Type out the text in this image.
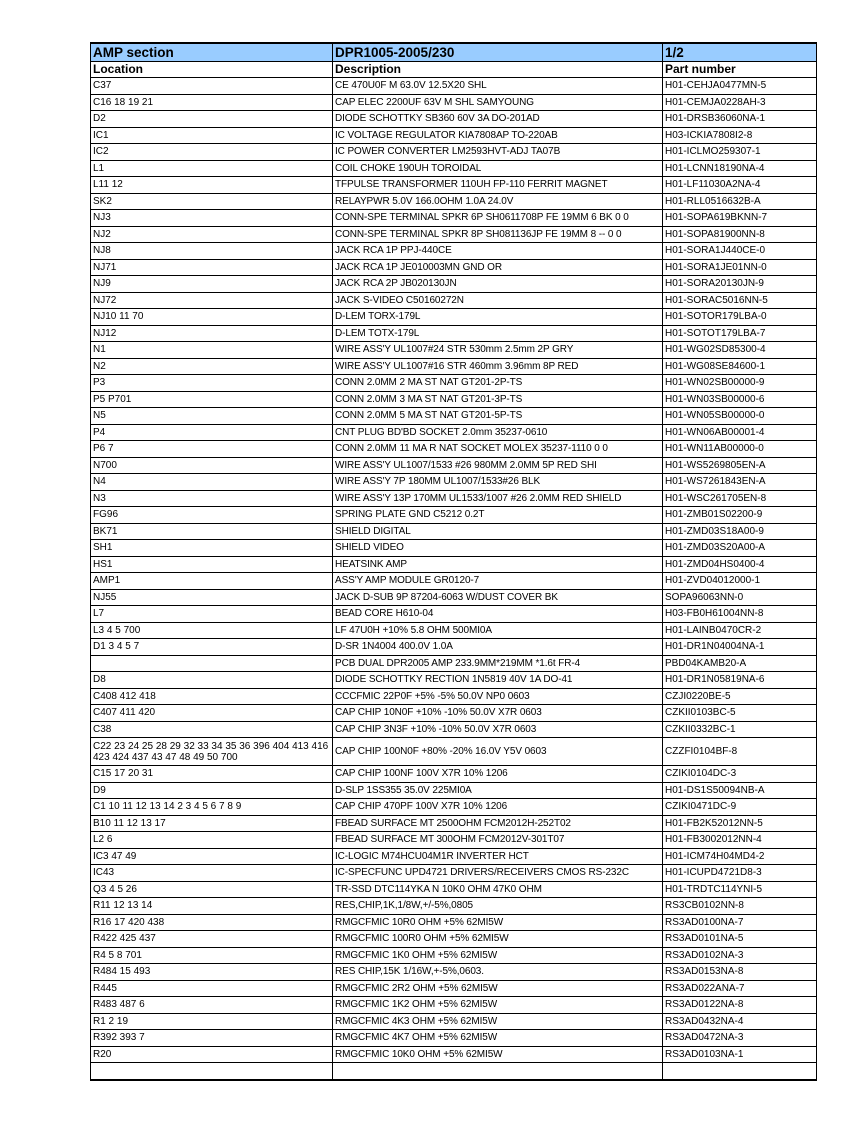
AMP section	DPR1005-2005/230	1/2
Location	Description	Part number
C37	CE 470U0F M 63.0V 12.5X20 SHL	H01-CEHJA0477MN-5
C16 18 19 21	CAP ELEC 2200UF 63V M SHL SAMYOUNG	H01-CEMJA0228AH-3
D2	DIODE SCHOTTKY SB360 60V 3A DO-201AD	H01-DRSB36060NA-1
IC1	IC VOLTAGE REGULATOR KIA7808AP TO-220AB	H03-ICKIA7808I2-8
IC2	IC POWER CONVERTER LM2593HVT-ADJ TA07B	H01-ICLMO259307-1
L1	COIL CHOKE 190UH TOROIDAL	H01-LCNN18190NA-4
L11 12	TFPULSE TRANSFORMER 110UH FP-110 FERRIT MAGNET	H01-LF11030A2NA-4
SK2	RELAYPWR 5.0V 166.0OHM 1.0A 24.0V	H01-RLL0516632B-A
NJ3	CONN-SPE TERMINAL SPKR 6P SH0611708P FE 19MM 6 BK 0 0	H01-SOPA619BKNN-7
NJ2	CONN-SPE TERMINAL SPKR 8P SH081136JP FE 19MM 8 -- 0 0	H01-SOPA81900NN-8
NJ8	JACK RCA 1P PPJ-440CE	H01-SORA1J440CE-0
NJ71	JACK RCA 1P JE010003MN GND OR	H01-SORA1JE01NN-0
NJ9	JACK RCA 2P JB020130JN	H01-SORA20130JN-9
NJ72	JACK S-VIDEO C50160272N	H01-SORAC5016NN-5
NJ10 11 70	D-LEM TORX-179L	H01-SOTOR179LBA-0
NJ12	D-LEM TOTX-179L	H01-SOTOT179LBA-7
N1	WIRE ASS'Y UL1007#24 STR 530mm 2.5mm 2P GRY	H01-WG02SD85300-4
N2	WIRE ASS'Y UL1007#16 STR 460mm 3.96mm 8P RED	H01-WG08SE84600-1
P3	CONN 2.0MM 2 MA ST NAT GT201-2P-TS	H01-WN02SB00000-9
P5 P701	CONN 2.0MM 3 MA ST NAT GT201-3P-TS	H01-WN03SB00000-6
N5	CONN 2.0MM 5 MA ST NAT GT201-5P-TS	H01-WN05SB00000-0
P4	CNT PLUG BD'BD SOCKET 2.0mm 35237-0610	H01-WN06AB00001-4
P6 7	CONN 2.0MM 11 MA R NAT SOCKET MOLEX 35237-1110 0 0	H01-WN11AB00000-0
N700	WIRE ASS'Y UL1007/1533 #26 980MM 2.0MM 5P RED SHI	H01-WS5269805EN-A
N4	WIRE ASS'Y 7P 180MM UL1007/1533#26 BLK	H01-WS7261843EN-A
N3	WIRE ASS'Y 13P 170MM UL1533/1007 #26 2.0MM RED SHIELD	H01-WSC261705EN-8
FG96	SPRING PLATE GND C5212 0.2T	H01-ZMB01S02200-9
BK71	SHIELD DIGITAL	H01-ZMD03S18A00-9
SH1	SHIELD VIDEO	H01-ZMD03S20A00-A
HS1	HEATSINK AMP	H01-ZMD04HS0400-4
AMP1	ASS'Y AMP MODULE GR0120-7	H01-ZVD04012000-1
NJ55	JACK D-SUB 9P 87204-6063 W/DUST COVER BK	SOPA96063NN-0
L7	BEAD CORE H610-04	H03-FB0H61004NN-8
L3 4 5 700	LF 47U0H +10% 5.8 OHM 500MI0A	H01-LAINB0470CR-2
D1 3 4 5 7	D-SR 1N4004 400.0V 1.0A	H01-DR1N04004NA-1
	PCB DUAL DPR2005 AMP 233.9MM*219MM *1.6t FR-4	PBD04KAMB20-A
D8	DIODE SCHOTTKY RECTION 1N5819 40V 1A DO-41	H01-DR1N05819NA-6
C408 412 418	CCCFMIC 22P0F +5% -5% 50.0V NP0 0603	CZJI0220BE-5
C407 411 420	CAP CHIP 10N0F +10% -10% 50.0V X7R 0603	CZKII0103BC-5
C38	CAP CHIP 3N3F +10% -10% 50.0V X7R 0603	CZKII0332BC-1
C22 23 24 25 28 29 32 33 34 35 36 396 404 413 416 423 424 437 43 47 48 49 50 700	CAP CHIP 100N0F +80% -20% 16.0V Y5V 0603	CZZFI0104BF-8
C15 17 20 31	CAP CHIP 100NF 100V X7R 10% 1206	CZIKI0104DC-3
D9	D-SLP 1SS355 35.0V 225MI0A	H01-DS1S50094NB-A
C1 10 11 12 13 14 2 3 4 5 6 7 8 9	CAP CHIP 470PF 100V X7R 10% 1206	CZIKI0471DC-9
B10 11 12 13 17	FBEAD SURFACE MT 2500OHM FCM2012H-252T02	H01-FB2K52012NN-5
L2 6	FBEAD SURFACE MT 300OHM FCM2012V-301T07	H01-FB3002012NN-4
IC3 47 49	IC-LOGIC M74HCU04M1R INVERTER HCT	H01-ICM74H04MD4-2
IC43	IC-SPECFUNC UPD4721 DRIVERS/RECEIVERS CMOS RS-232C	H01-ICUPD4721D8-3
Q3 4 5 26	TR-SSD DTC114YKA N 10K0 OHM 47K0 OHM	H01-TRDTC114YNI-5
R11 12 13 14	RES,CHIP,1K,1/8W,+/-5%,0805	RS3CB0102NN-8
R16 17 420 438	RMGCFMIC 10R0 OHM +5% 62MI5W	RS3AD0100NA-7
R422 425 437	RMGCFMIC 100R0 OHM +5% 62MI5W	RS3AD0101NA-5
R4 5 8 701	RMGCFMIC 1K0 OHM +5% 62MI5W	RS3AD0102NA-3
R484 15 493	RES CHIP,15K 1/16W,+-5%,0603.	RS3AD0153NA-8
R445	RMGCFMIC 2R2 OHM +5% 62MI5W	RS3AD022ANA-7
R483 487 6	RMGCFMIC 1K2 OHM +5% 62MI5W	RS3AD0122NA-8
R1 2 19	RMGCFMIC 4K3 OHM +5% 62MI5W	RS3AD0432NA-4
R392 393 7	RMGCFMIC 4K7 OHM +5% 62MI5W	RS3AD0472NA-3
R20	RMGCFMIC 10K0 OHM +5% 62MI5W	RS3AD0103NA-1
